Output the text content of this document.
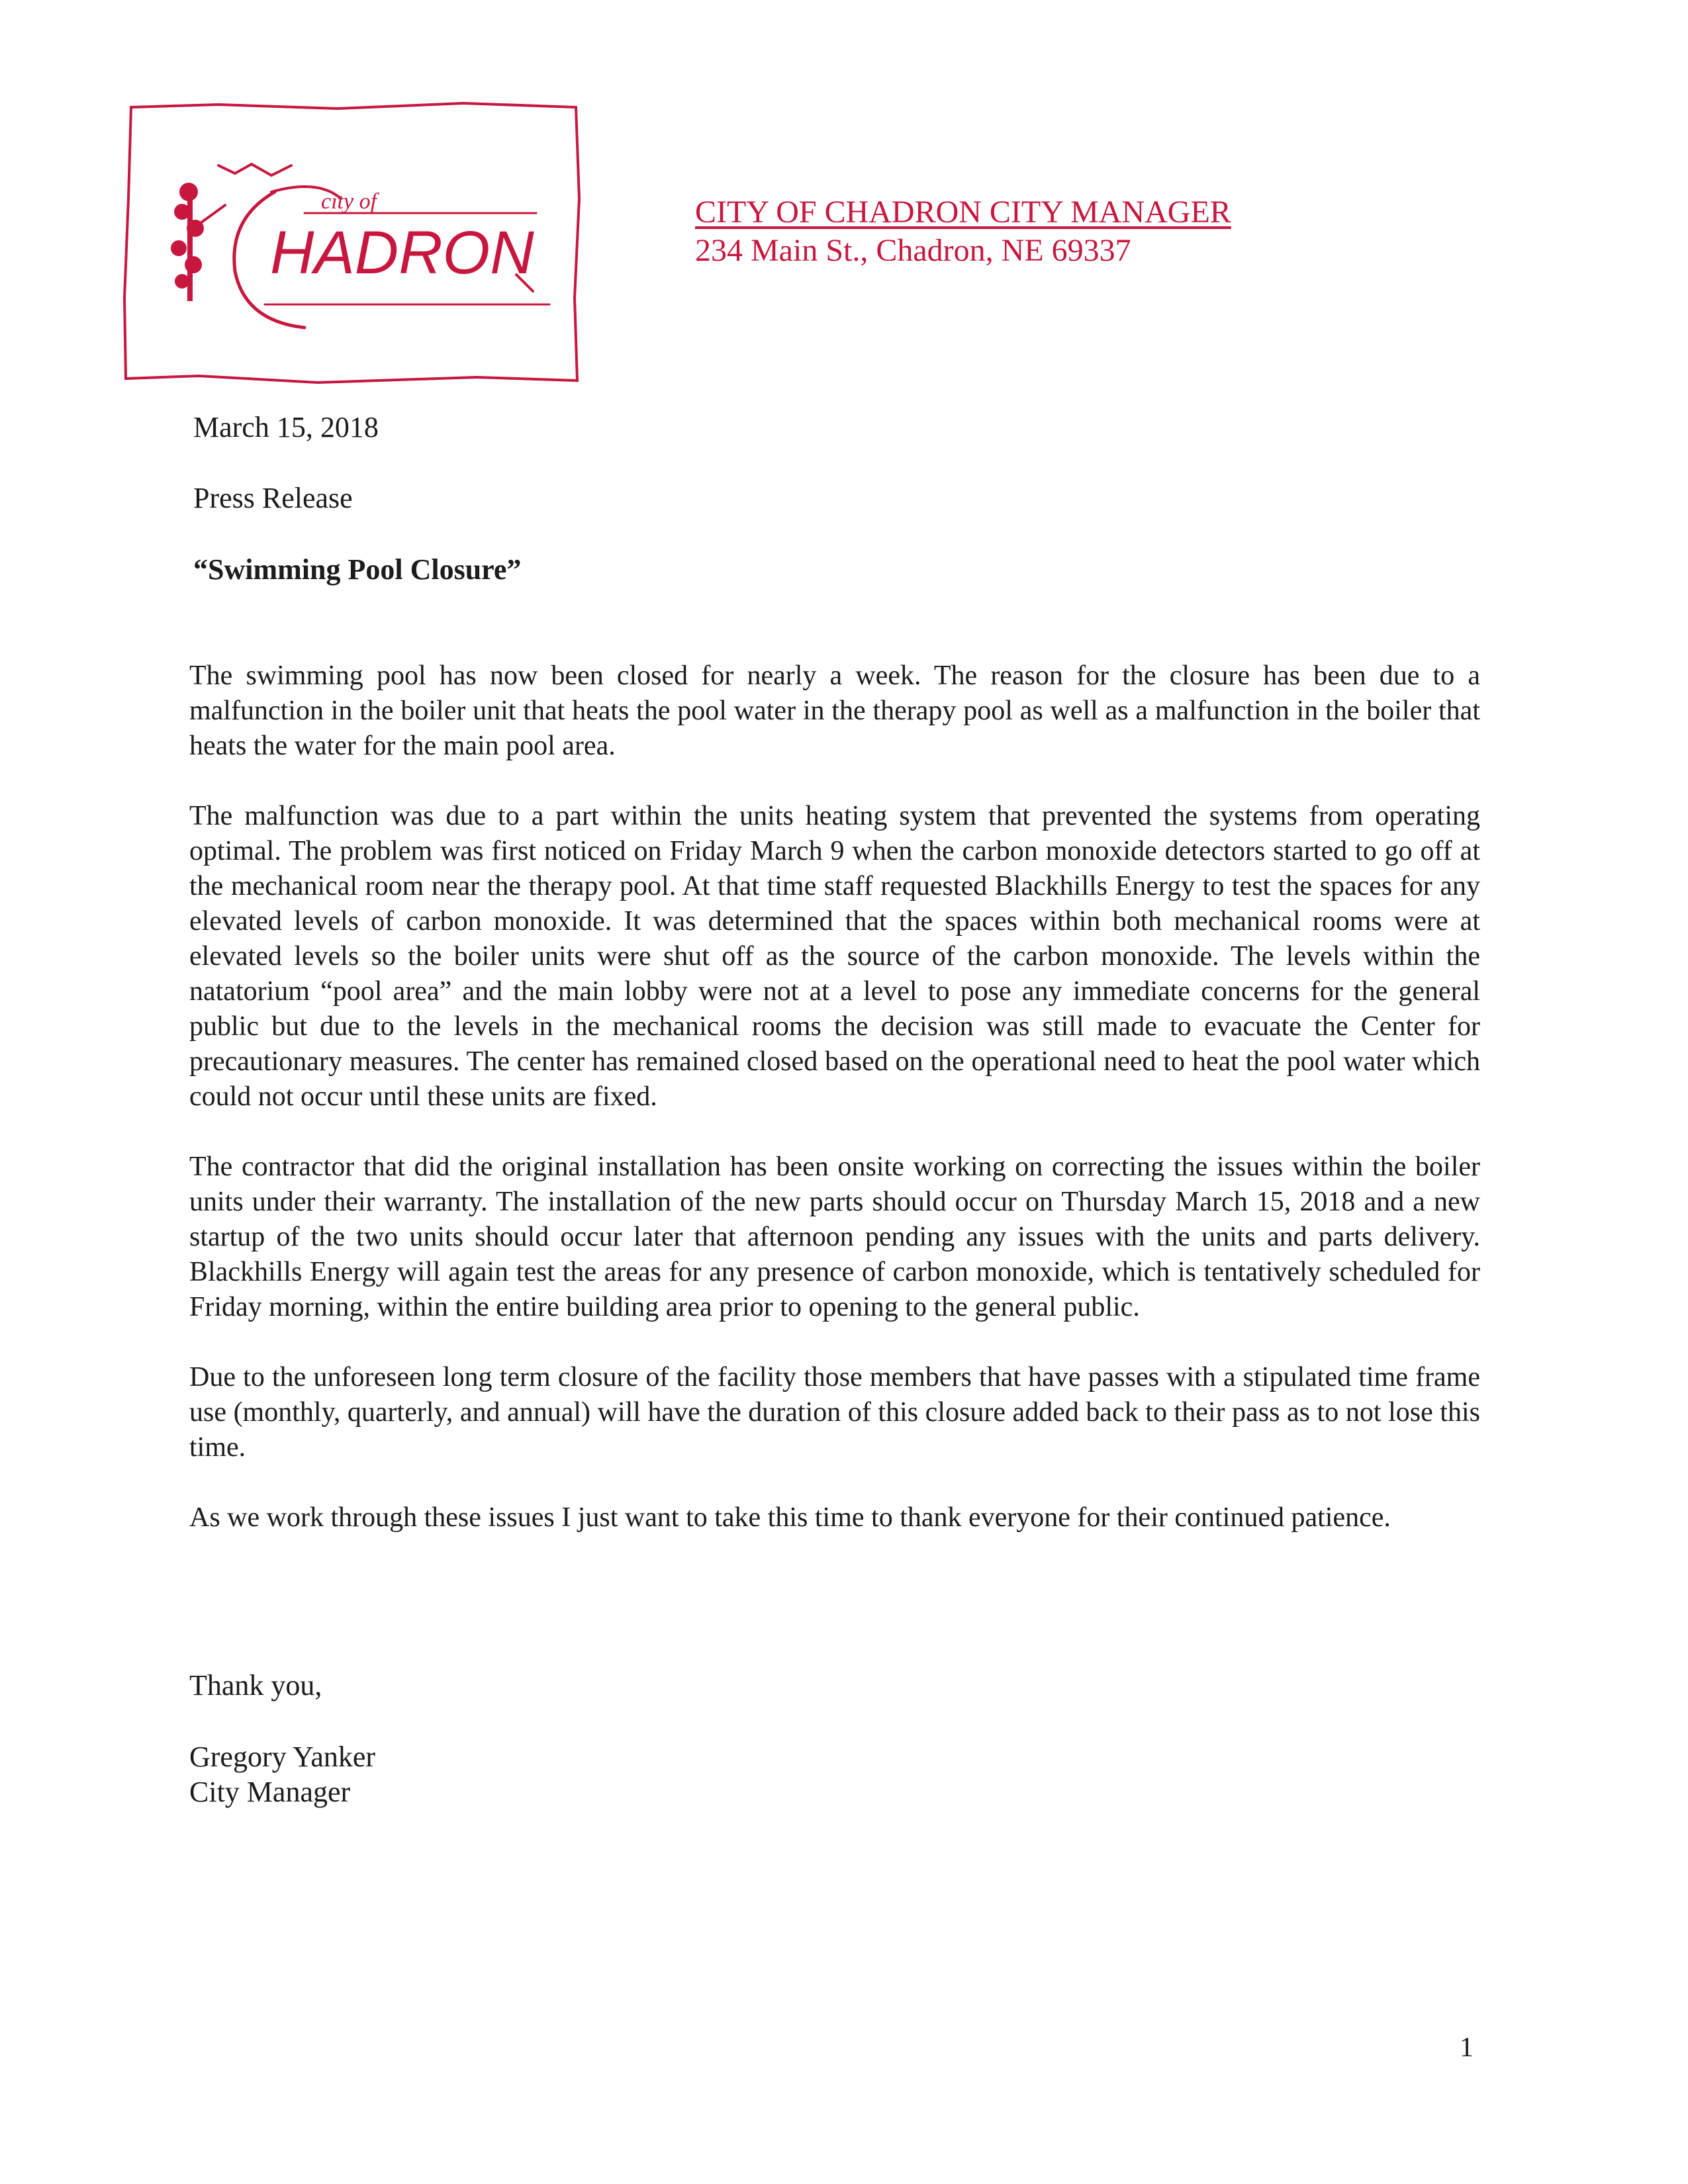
city of
HADRON
CITY OF CHADRON CITY MANAGER
234 Main St., Chadron, NE 69337
March 15, 2018
Press Release
“Swimming Pool Closure”

The swimming pool has now been closed for nearly a week. The reason for the closure has been due to a malfunction in the boiler unit that heats the pool water in the therapy pool as well as a malfunction in the boiler that heats the water for the main pool area.

The malfunction was due to a part within the units heating system that prevented the systems from operating optimal. The problem was first noticed on Friday March 9 when the carbon monoxide detectors started to go off at the mechanical room near the therapy pool. At that time staff requested Blackhills Energy to test the spaces for any elevated levels of carbon monoxide. It was determined that the spaces within both mechanical rooms were at elevated levels so the boiler units were shut off as the source of the carbon monoxide. The levels within the natatorium “pool area” and the main lobby were not at a level to pose any immediate concerns for the general public but due to the levels in the mechanical rooms the decision was still made to evacuate the Center for precautionary measures. The center has remained closed based on the operational need to heat the pool water which could not occur until these units are fixed.

The contractor that did the original installation has been onsite working on correcting the issues within the boiler units under their warranty. The installation of the new parts should occur on Thursday March 15, 2018 and a new startup of the two units should occur later that afternoon pending any issues with the units and parts delivery. Blackhills Energy will again test the areas for any presence of carbon monoxide, which is tentatively scheduled for Friday morning, within the entire building area prior to opening to the general public.

Due to the unforeseen long term closure of the facility those members that have passes with a stipulated time frame use (monthly, quarterly, and annual) will have the duration of this closure added back to their pass as to not lose this time.

As we work through these issues I just want to take this time to thank everyone for their continued patience.

Thank you,
Gregory Yanker
City Manager
1
